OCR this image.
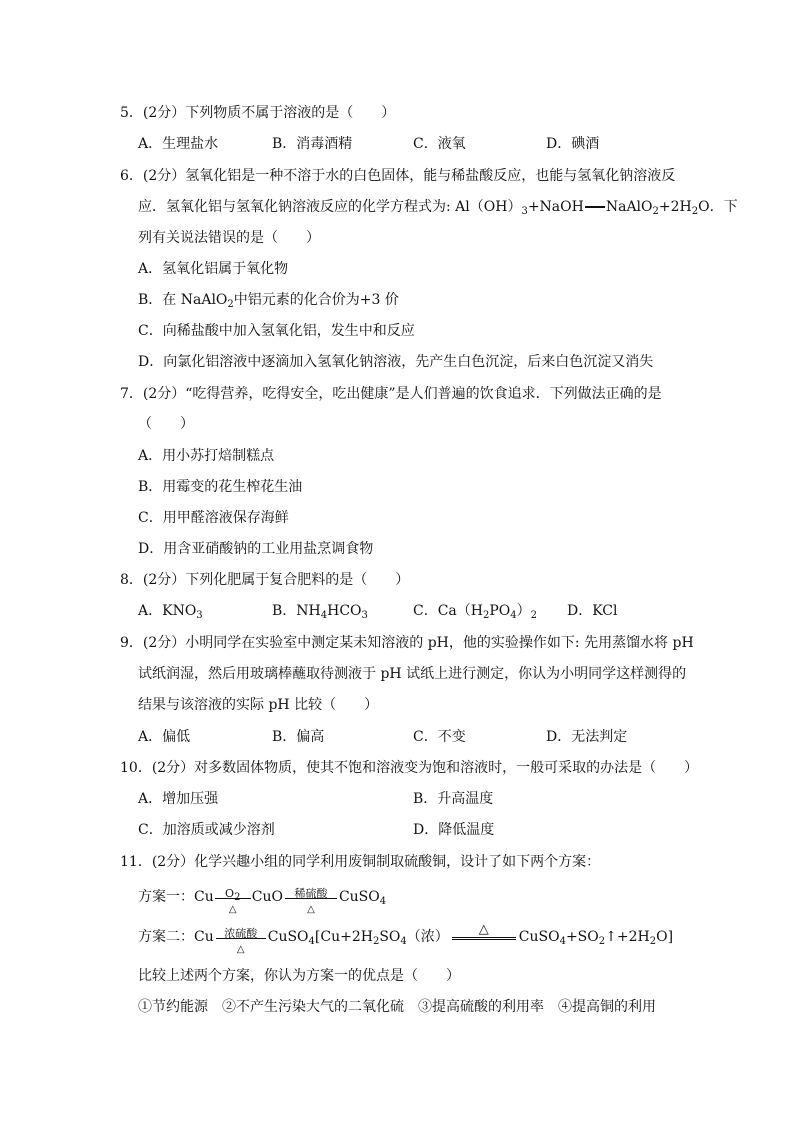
5．(2分）下列物质不属于溶液的是（　　）
A．生理盐水	B．消毒酒精	C．液氧	D．碘酒
6．(2分）氢氧化铝是一种不溶于水的白色固体，能与稀盐酸反应，也能与氢氧化钠溶液反
应．氢氧化铝与氢氧化钠溶液反应的化学方程式为: $Al(OH)_3+NaOH$ $NaAlO_2+2H_2O$．下
列有关说法错误的是（　　）
A．氢氧化铝属于氧化物
B．在 NaAlO$_2$中铝元素的化合价为+3 价
C．向稀盐酸中加入氢氧化铝，发生中和反应
D．向氯化铝溶液中逐滴加入氢氧化钠溶液，先产生白色沉淀，后来白色沉淀又消失
7．(2分）“吃得营养，吃得安全，吃出健康”是人们普遍的饮食追求．下列做法正确的是
（　　）
A．用小苏打焙制糕点
B．用霉变的花生榨花生油
C．用甲醛溶液保存海鲜
D．用含亚硝酸钠的工业用盐烹调食物
8．(2分）下列化肥属于复合肥料的是（　　）
A．$KNO_3$	B．$NH_4HCO_3$	C．$Ca(H_2PO_4)_2$ D．KCl
9．(2分）小明同学在实验室中测定某未知溶液的 pH，他的实验操作如下: 先用蒸馏水将 pH
试纸润湿，然后用玻璃棒蘸取待测液于 pH 试纸上进行测定，你认为小明同学这样测得的
结果与该溶液的实际 pH 比较（　　）
A．偏低	B．偏高	C．不变	D．无法判定
10．(2分）对多数固体物质，使其不饱和溶液变为饱和溶液时，一般可采取的办法是（　　）
A．增加压强	B．升高温度
C．加溶质或减少溶剂	D．降低温度
11．(2分）化学兴趣小组的同学利用废铜制取硫酸铜，设计了如下两个方案：
方案一：Cu	$O_2$
△
CuO	稀硫酸
△
CuSO$_4$
方案二：Cu 浓硫酸
△
$CuSO_4[Cu+2H_2SO_4$（浓）	△	$CuSO_4+SO_2↑+2H_2O$]
比较上述两个方案，你认为方案一的优点是（　　）
①节约能源　②不产生污染大气的二氧化硫　③提高硫酸的利用率　④提高铜的利用
